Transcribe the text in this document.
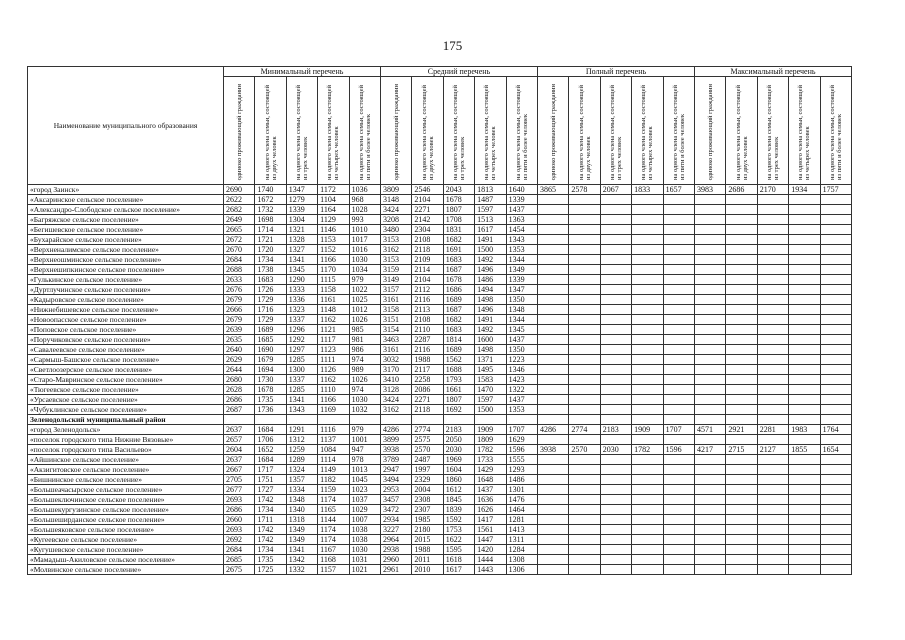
175
Наименование муниципального образования	Минимальный перечень					Средний перечень					Полный перечень					Максимальный перечень				
	одиноко проживающий гражданин	на одного члена семьи, состоящей из двух человек	на одного члена семьи, состоящей из трех человек	на одного члена семьи, состоящей из четырех человек	на одного члена семьи, состоящей из пяти и более человек	одиноко проживающий гражданин	на одного члена семьи, состоящей из двух человек	на одного члена семьи, состоящей из трех человек	на одного члена семьи, состоящей из четырех человек	на одного члена семьи, состоящей из пяти и более человек	одиноко проживающий гражданин	на одного члена семьи, состоящей из двух человек	на одного члена семьи, состоящей из трех человек	на одного члена семьи, состоящей из четырех человек	на одного члена семьи, состоящей из пяти и более человек	одиноко проживающий гражданин	на одного члена семьи, состоящей из двух человек	на одного члена семьи, состоящей из трех человек	на одного члена семьи, состоящей из четырех человек	на одного члена семьи, состоящей из пяти и более человек
«город Заинск»	2690	1740	1347	1172	1036	3809	2546	2043	1813	1640	3865	2578	2067	1833	1657	3983	2686	2170	1934	1757
«Аксаринское сельское поселение»	2622	1672	1279	1104	968	3148	2104	1678	1487	1339										
«Александро-Слободское сельское поселение»	2682	1732	1339	1164	1028	3424	2271	1807	1597	1437										
«Багряжское сельское поселение»	2649	1698	1304	1129	993	3208	2142	1708	1513	1363										
«Бегишевское сельское поселение»	2665	1714	1321	1146	1010	3480	2304	1831	1617	1454										
«Бухарайское сельское поселение»	2672	1721	1328	1153	1017	3153	2108	1682	1491	1343										
«Верхненалимское сельское поселение»	2670	1720	1327	1152	1016	3162	2118	1691	1500	1353										
«Верхнеошминское сельское поселение»	2684	1734	1341	1166	1030	3153	2109	1683	1492	1344										
«Верхнешипкинское сельское поселение»	2688	1738	1345	1170	1034	3159	2114	1687	1496	1349										
«Гулькинское сельское поселение»	2633	1683	1290	1115	979	3149	2104	1678	1486	1339										
«Дуртлучинское сельское поселение»	2676	1726	1333	1158	1022	3157	2112	1686	1494	1347										
«Кадыровское сельское поселение»	2679	1729	1336	1161	1025	3161	2116	1689	1498	1350										
«Нижнебишевское сельское поселение»	2666	1716	1323	1148	1012	3158	2113	1687	1496	1348										
«Новоопасское сельское поселение»	2679	1729	1337	1162	1026	3151	2108	1682	1491	1344										
«Поповское сельское поселение»	2639	1689	1296	1121	985	3154	2110	1683	1492	1345										
«Поручиковское сельское поселение»	2635	1685	1292	1117	981	3463	2287	1814	1600	1437										
«Савалеевское сельское поселение»	2640	1690	1297	1123	986	3161	2116	1689	1498	1350										
«Сармыш-Башское сельское поселение»	2629	1679	1285	1111	974	3032	1988	1562	1371	1223										
«Светлоозерское сельское поселение»	2644	1694	1300	1126	989	3170	2117	1688	1495	1346										
«Старо-Мавринское сельское поселение»	2680	1730	1337	1162	1026	3410	2258	1793	1583	1423										
«Тюгеевское сельское поселение»	2628	1678	1285	1110	974	3128	2086	1661	1470	1322										
«Урсаевское сельское поселение»	2686	1735	1341	1166	1030	3424	2271	1807	1597	1437										
«Чубуклинское сельское поселение»	2687	1736	1343	1169	1032	3162	2118	1692	1500	1353										
Зеленодольский муниципальный район																				
«город Зеленодольск»	2637	1684	1291	1116	979	4286	2774	2183	1909	1707	4286	2774	2183	1909	1707	4571	2921	2281	1983	1764
«поселок городского типа Нижние Вязовые»	2657	1706	1312	1137	1001	3899	2575	2050	1809	1629										
«поселок городского типа Васильево»	2604	1652	1259	1084	947	3938	2570	2030	1782	1596	3938	2570	2030	1782	1596	4217	2715	2127	1855	1654
«Айшинское сельское поселение»	2637	1684	1289	1114	978	3789	2487	1969	1733	1555										
«Акзигитовское сельское поселение»	2667	1717	1324	1149	1013	2947	1997	1604	1429	1293										
«Бишнинское сельское поселение»	2705	1751	1357	1182	1045	3494	2329	1860	1648	1486										
«Большеачасырское сельское поселение»	2677	1727	1334	1159	1023	2953	2004	1612	1437	1301										
«Большеключинское сельское поселение»	2693	1742	1348	1174	1037	3457	2308	1845	1636	1476										
«Большекургузинское сельское поселение»	2686	1734	1340	1165	1029	3472	2307	1839	1626	1464										
«Большеширданское сельское поселение»	2660	1711	1318	1144	1007	2934	1985	1592	1417	1281										
«Большеяковское сельское поселение»	2693	1742	1349	1174	1038	3227	2180	1753	1561	1413										
«Кугеевское сельское поселение»	2692	1742	1349	1174	1038	2964	2015	1622	1447	1311										
«Кугушевское сельское поселение»	2684	1734	1341	1167	1030	2938	1988	1595	1420	1284										
«Мамадыш-Акиловское сельское поселение»	2685	1735	1342	1168	1031	2960	2011	1618	1444	1308										
«Молвинское сельское поселение»	2675	1725	1332	1157	1021	2961	2010	1617	1443	1306										
